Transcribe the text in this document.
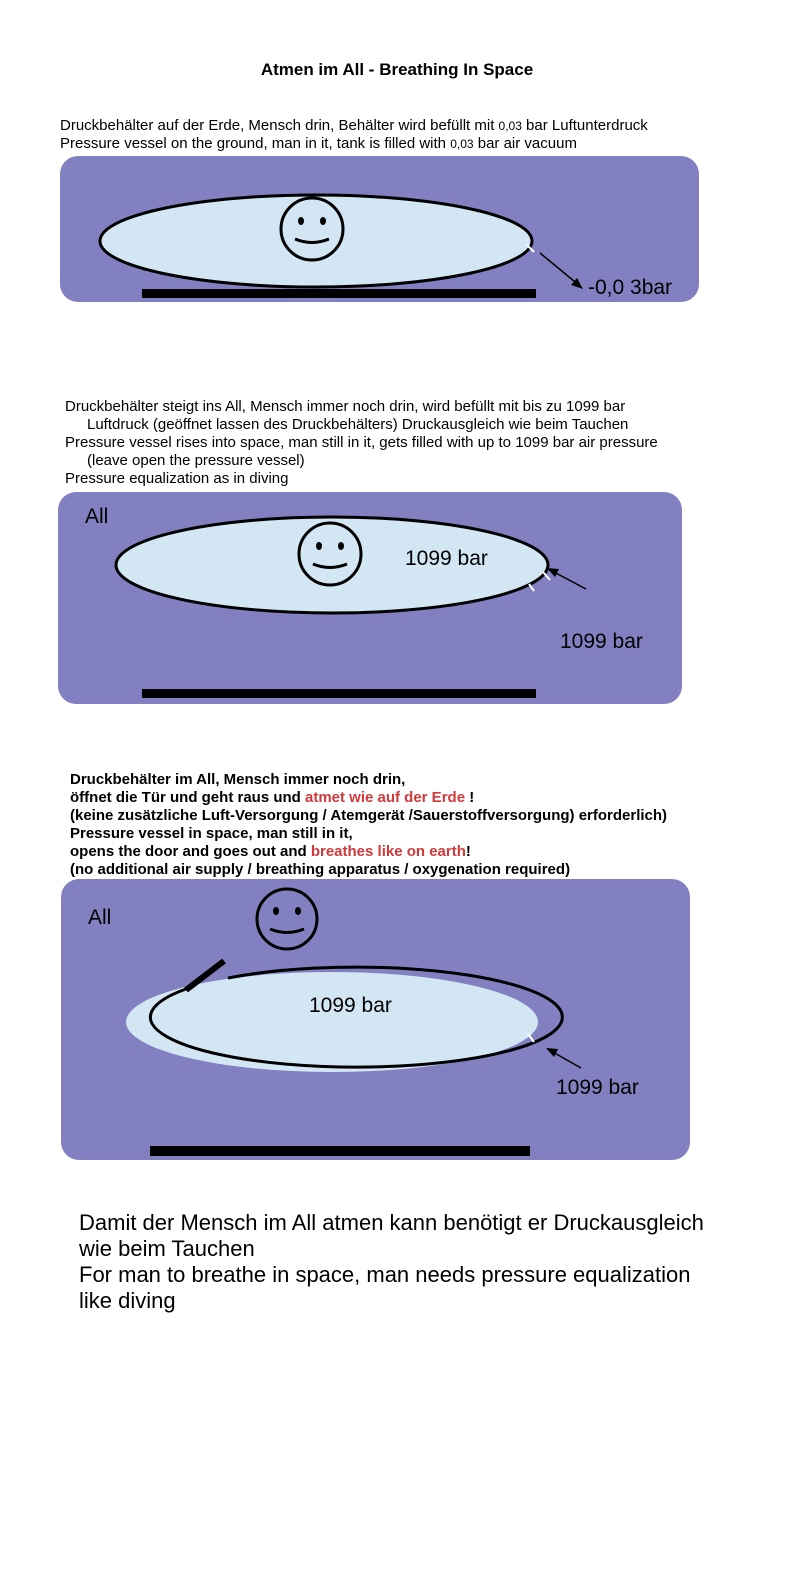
Atmen im All - Breathing In Space
Druckbehälter auf der Erde, Mensch drin, Behälter wird befüllt mit 0,03 bar Luftunterdruck
Pressure vessel on the ground, man in it, tank is filled with 0,03 bar air vacuum
-0,0 3bar
Druckbehälter steigt ins All, Mensch immer noch drin, wird befüllt mit bis zu 1099 bar
Luftdruck (geöffnet lassen des Druckbehälters) Druckausgleich wie beim Tauchen
Pressure vessel rises into space, man still in it, gets filled with up to 1099 bar air pressure
(leave open the pressure vessel)
Pressure equalization as in diving
All
1099 bar
1099 bar
Druckbehälter im All, Mensch immer noch drin,
öffnet die Tür und geht raus und atmet wie auf der Erde !
(keine zusätzliche Luft-Versorgung / Atemgerät /Sauerstoffversorgung) erforderlich)
Pressure vessel in space, man still in it,
opens the door and goes out and breathes like on earth!
(no additional air supply / breathing apparatus / oxygenation required)
All
1099 bar
1099 bar
Damit der Mensch im All atmen kann benötigt er Druckausgleich
wie beim Tauchen
For man to breathe in space, man needs pressure equalization
like diving
